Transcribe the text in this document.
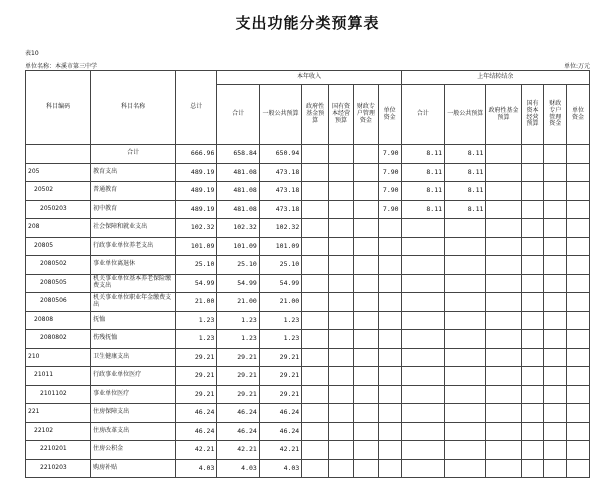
支出功能分类预算表
表10
单位名称：本溪市第三中学	单位:万元
科目编码	科目名称	总计	本年收入						上年结转结余					
			合计	一般公共预算	政府性基金预算	国有资本经营预算	财政专户管理资金	单位资金	合计	一般公共预算	政府性基金预算	国有资本经营预算	财政专户管理资金	单位资金
	合计	666.96	658.84	650.94				7.90	8.11	8.11				
205	教育支出	489.19	481.08	473.18				7.90	8.11	8.11				
20502	普通教育	489.19	481.08	473.18				7.90	8.11	8.11				
2050203	初中教育	489.19	481.08	473.18				7.90	8.11	8.11				
208	社会保障和就业支出	102.32	102.32	102.32										
20805	行政事业单位养老支出	101.09	101.09	101.09										
2080502	事业单位离退休	25.10	25.10	25.10										
2080505	机关事业单位基本养老保险缴费支出	54.99	54.99	54.99										
2080506	机关事业单位职业年金缴费支出	21.00	21.00	21.00										
20808	抚恤	1.23	1.23	1.23										
2080802	伤残抚恤	1.23	1.23	1.23										
210	卫生健康支出	29.21	29.21	29.21										
21011	行政事业单位医疗	29.21	29.21	29.21										
2101102	事业单位医疗	29.21	29.21	29.21										
221	住房保障支出	46.24	46.24	46.24										
22102	住房改革支出	46.24	46.24	46.24										
2210201	住房公积金	42.21	42.21	42.21										
2210203	购房补贴	4.03	4.03	4.03										
